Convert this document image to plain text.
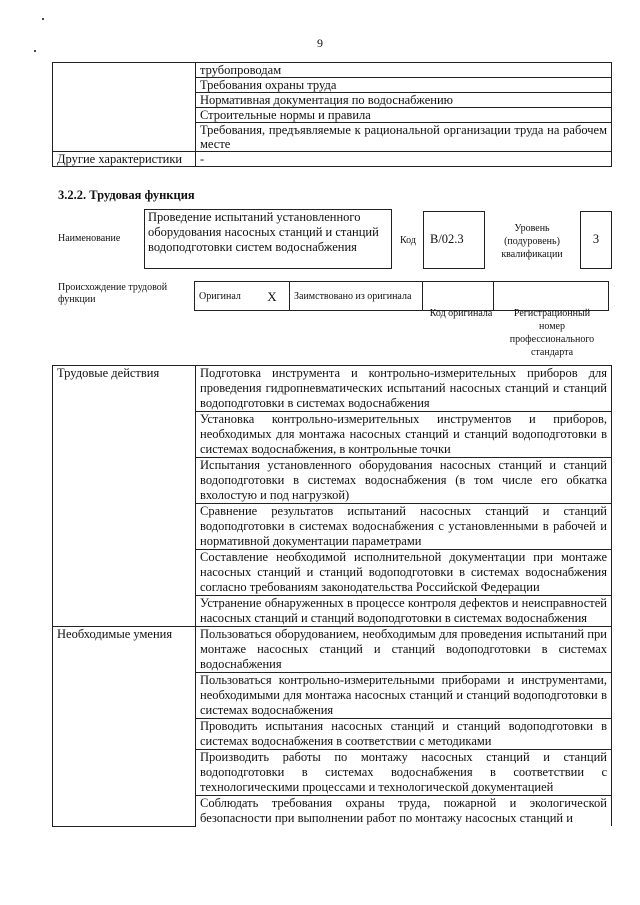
9
	трубопроводам
	Требования охраны труда
	Нормативная документация по водоснабжению
	Строительные нормы и правила
	Требования, предъявляемые к рациональной организации труда на рабочем месте
Другие характеристики	-
3.2.2. Трудовая функция
Наименование
Проведение испытаний установленного оборудования насосных станций и станций водоподготовки систем водоснабжения	Код	B/02.3
Уровень (подуровень) квалификации
3
Происхождение трудовой функции	Оригинал	X	Заимствовано из оригинала		
Код оригинала	Регистрационный номер профессионального стандарта
Трудовые действия	Подготовка инструмента и контрольно-измерительных приборов для проведения гидропневматических испытаний насосных станций и станций водоподготовки в системах водоснабжения
	Установка контрольно-измерительных инструментов и приборов, необходимых для монтажа насосных станций и станций водоподготовки в системах водоснабжения, в контрольные точки
	Испытания установленного оборудования насосных станций и станций водоподготовки в системах водоснабжения (в том числе его обкатка вхолостую и под нагрузкой)
	Сравнение результатов испытаний насосных станций и станций водоподготовки в системах водоснабжения с установленными в рабочей и нормативной документации параметрами
	Составление необходимой исполнительной документации при монтаже насосных станций и станций водоподготовки в системах водоснабжения согласно требованиям законодательства Российской Федерации
	Устранение обнаруженных в процессе контроля дефектов и неисправностей насосных станций и станций водоподготовки в системах водоснабжения
Необходимые умения	Пользоваться оборудованием, необходимым для проведения испытаний при монтаже насосных станций и станций водоподготовки в системах водоснабжения
	Пользоваться контрольно-измерительными приборами и инструментами, необходимыми для монтажа насосных станций и станций водоподготовки в системах водоснабжения
	Проводить испытания насосных станций и станций водоподготовки в системах водоснабжения в соответствии с методиками
	Производить работы по монтажу насосных станций и станций водоподготовки в системах водоснабжения в соответствии с технологическими процессами и технологической документацией
	Соблюдать требования охраны труда, пожарной и экологической безопасности при выполнении работ по монтажу насосных станций и
